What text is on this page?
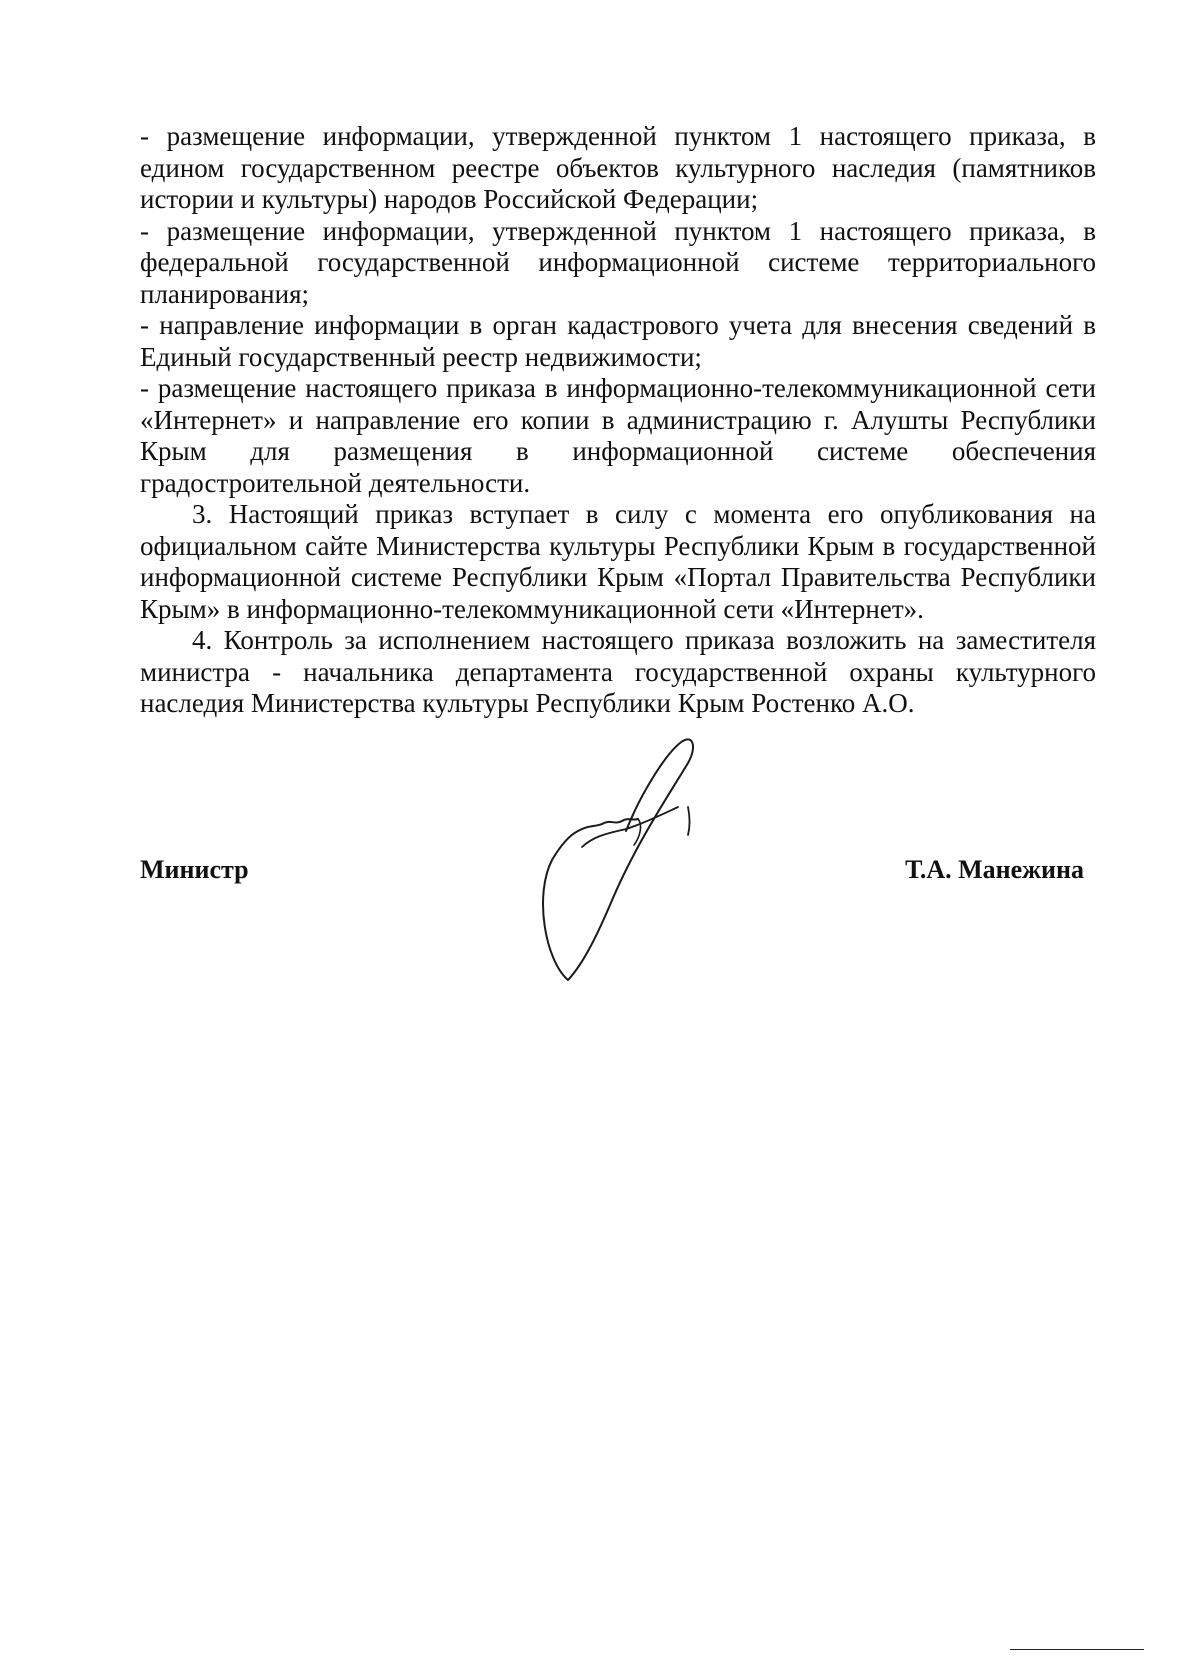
- размещение информации, утвержденной пунктом 1 настоящего приказа, в едином государственном реестре объектов культурного наследия (памятников истории и культуры) народов Российской Федерации;

- размещение информации, утвержденной пунктом 1 настоящего приказа, в федеральной государственной информационной системе территориального планирования;

- направление информации в орган кадастрового учета для внесения сведений в Единый государственный реестр недвижимости;

- размещение настоящего приказа в информационно-телекоммуникационной сети «Интернет» и направление его копии в администрацию г. Алушты Республики Крым для размещения в информационной системе обеспечения градостроительной деятельности.

3. Настоящий приказ вступает в силу с момента его опубликования на официальном сайте Министерства культуры Республики Крым в государственной информационной системе Республики Крым «Портал Правительства Республики Крым» в информационно-телекоммуникационной сети «Интернет».

4. Контроль за исполнением настоящего приказа возложить на заместителя министра - начальника департамента государственной охраны культурного наследия Министерства культуры Республики Крым Ростенко А.О.

Министр	Т.А. Манежина
